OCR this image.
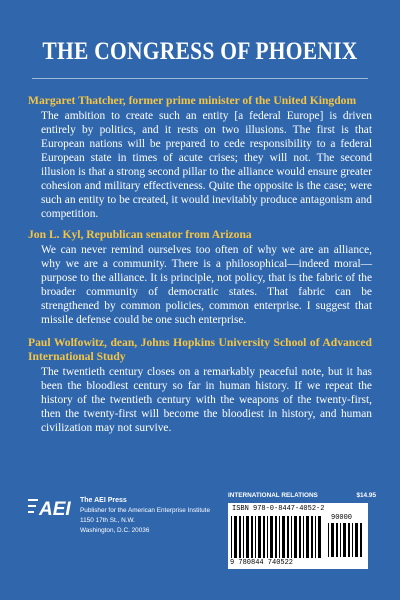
THE CONGRESS OF PHOENIX
Margaret Thatcher, former prime minister of the United Kingdom
The ambition to create such an entity [a federal Europe] is driven entirely by politics, and it rests on two illusions. The first is that European nations will be prepared to cede responsibility to a federal European state in times of acute crises; they will not. The second illusion is that a strong second pillar to the alliance would ensure greater cohesion and military effectiveness. Quite the opposite is the case; were such an entity to be created, it would inevitably produce antagonism and competition.
Jon L. Kyl, Republican senator from Arizona
We can never remind ourselves too often of why we are an alliance, why we are a community. There is a philosophical—indeed moral—purpose to the alliance. It is principle, not policy, that is the fabric of the broader community of democratic states. That fabric can be strengthened by common policies, common enterprise. I suggest that missile defense could be one such enterprise.
Paul Wolfowitz, dean, Johns Hopkins University School of Advanced International Study
The twentieth century closes on a remarkably peaceful note, but it has been the bloodiest century so far in human history. If we repeat the history of the twentieth century with the weapons of the twenty-first, then the twenty-first will become the bloodiest in history, and human civilization may not survive.
AEI The AEI Press
Publisher for the American Enterprise Institute
1150 17th St., N.W.
Washington, D.C. 20036
INTERNATIONAL RELATIONS	$14.95
ISBN 978-0-8447-4052-2
90000
9 780844 740522
